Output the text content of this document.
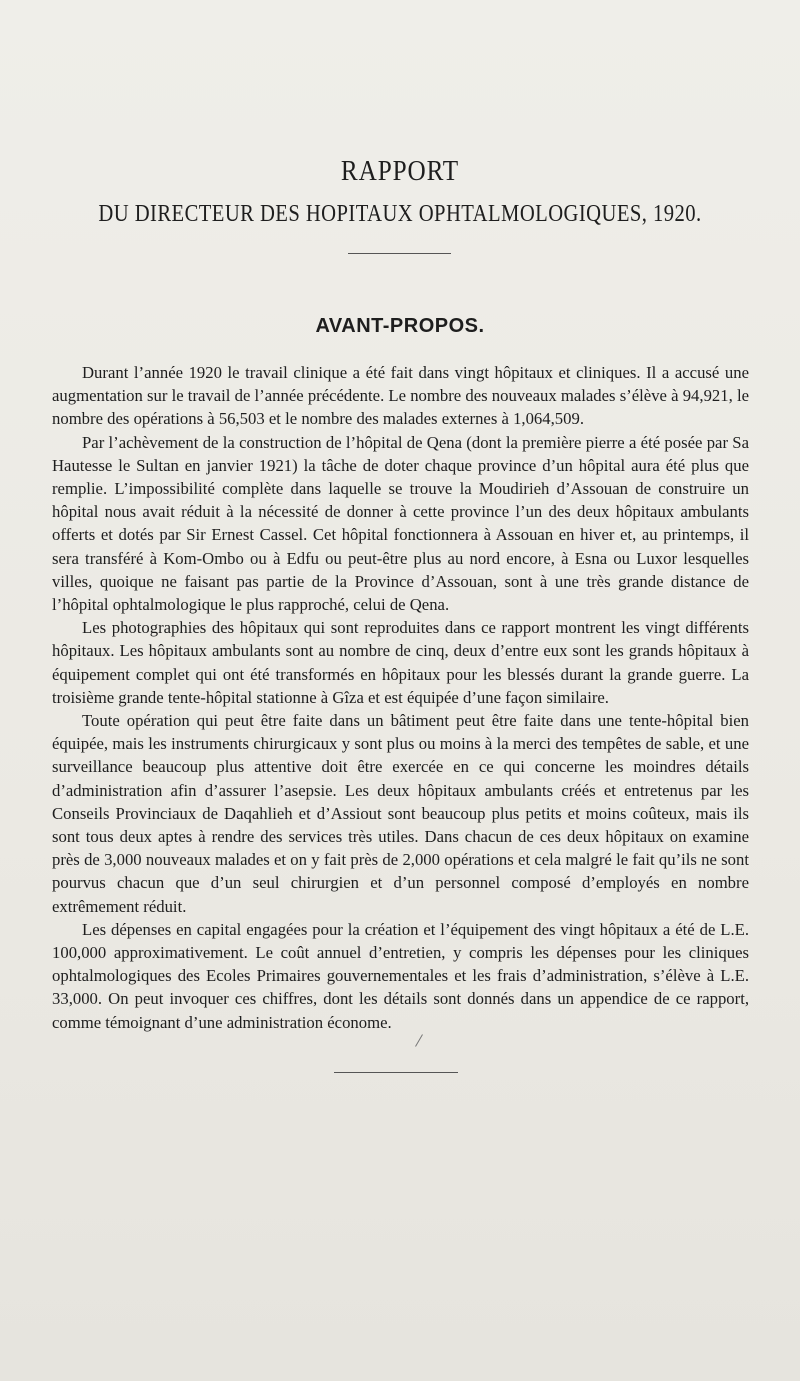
RAPPORT
DU DIRECTEUR DES HOPITAUX OPHTALMOLOGIQUES, 1920.
AVANT-PROPOS.

Durant l’année 1920 le travail clinique a été fait dans vingt hôpitaux et cliniques. Il a accusé une augmentation sur le travail de l’année précédente. Le nombre des nouveaux malades s’élève à 94,921, le nombre des opérations à 56,503 et le nombre des malades externes à 1,064,509.

Par l’achèvement de la construction de l’hôpital de Qena (dont la première pierre a été posée par Sa Hautesse le Sultan en janvier 1921) la tâche de doter chaque province d’un hôpital aura été plus que remplie. L’impossibilité complète dans laquelle se trouve la Moudirieh d’Assouan de construire un hôpital nous avait réduit à la nécessité de donner à cette province l’un des deux hôpitaux ambulants offerts et dotés par Sir Ernest Cassel. Cet hôpital fonctionnera à Assouan en hiver et, au printemps, il sera transféré à Kom-Ombo ou à Edfu ou peut-être plus au nord encore, à Esna ou Luxor lesquelles villes, quoique ne faisant pas partie de la Province d’Assouan, sont à une très grande distance de l’hôpital ophtalmologique le plus rapproché, celui de Qena.

Les photographies des hôpitaux qui sont reproduites dans ce rapport montrent les vingt différents hôpitaux. Les hôpitaux ambulants sont au nombre de cinq, deux d’entre eux sont les grands hôpitaux à équipement complet qui ont été transformés en hôpitaux pour les blessés durant la grande guerre. La troisième grande tente-hôpital stationne à Gîza et est équipée d’une façon similaire.

Toute opération qui peut être faite dans un bâtiment peut être faite dans une tente-hôpital bien équipée, mais les instruments chirurgicaux y sont plus ou moins à la merci des tempêtes de sable, et une surveillance beaucoup plus attentive doit être exercée en ce qui concerne les moindres détails d’administration afin d’assurer l’asepsie. Les deux hôpitaux ambulants créés et entretenus par les Conseils Provinciaux de Daqahlieh et d’Assiout sont beaucoup plus petits et moins coûteux, mais ils sont tous deux aptes à rendre des services très utiles. Dans chacun de ces deux hôpitaux on examine près de 3,000 nouveaux malades et on y fait près de 2,000 opérations et cela malgré le fait qu’ils ne sont pourvus chacun que d’un seul chirurgien et d’un personnel composé d’employés en nombre extrêmement réduit.

Les dépenses en capital engagées pour la création et l’équipement des vingt hôpitaux a été de L.E. 100,000 approximativement. Le coût annuel d’entretien, y compris les dépenses pour les cliniques ophtalmologiques des Ecoles Primaires gouvernementales et les frais d’administration, s’élève à L.E. 33,000. On peut invoquer ces chiffres, dont les détails sont donnés dans un appendice de ce rapport, comme témoignant d’une administration économe.
